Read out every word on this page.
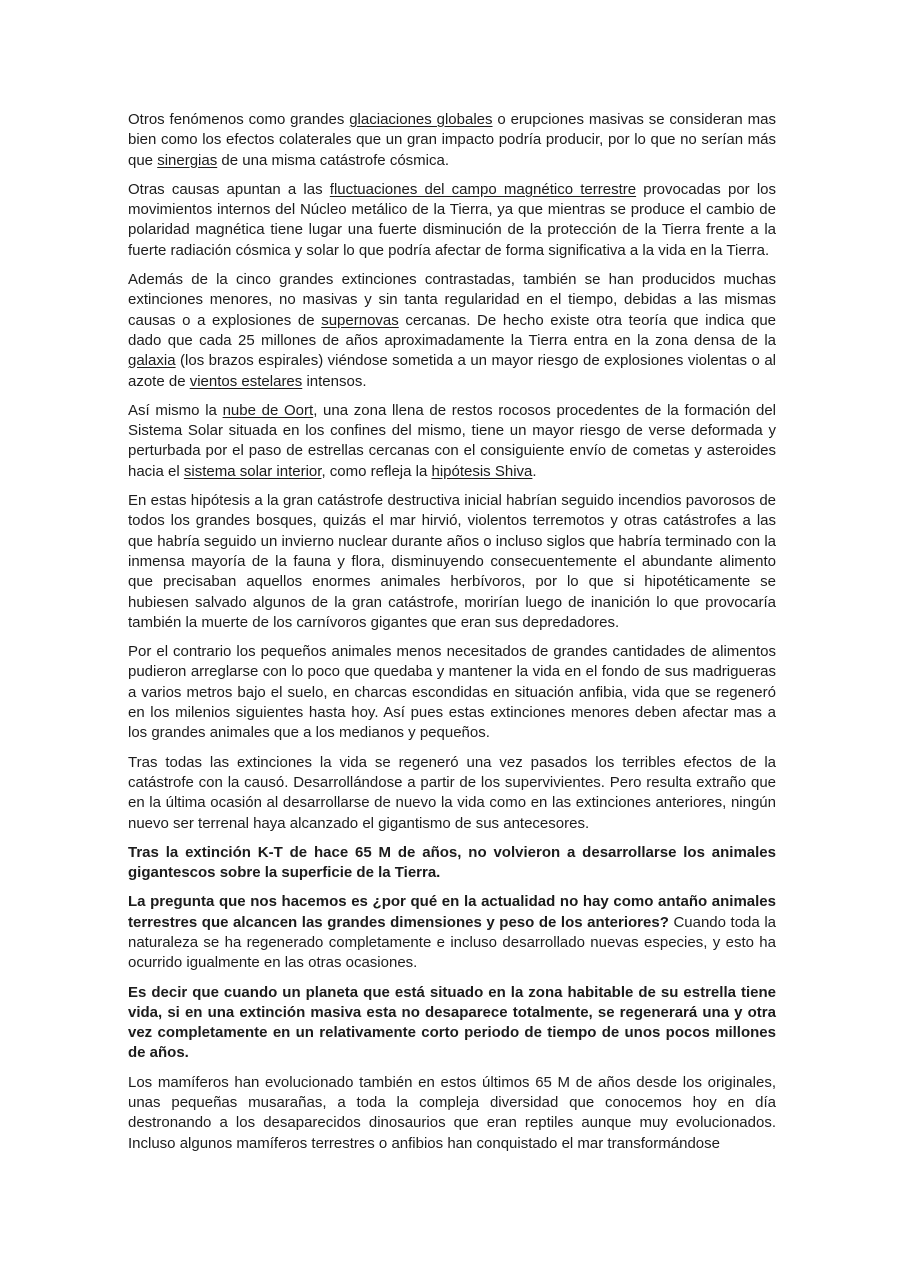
Otros fenómenos como grandes glaciaciones globales o erupciones masivas se consideran mas bien como los efectos colaterales que un gran impacto podría producir, por lo que no serían más que sinergias de una misma catástrofe cósmica.

Otras causas apuntan a las fluctuaciones del campo magnético terrestre provocadas por los movimientos internos del Núcleo metálico de la Tierra, ya que mientras se produce el cambio de polaridad magnética tiene lugar una fuerte disminución de la protección de la Tierra frente a la fuerte radiación cósmica y solar lo que podría afectar de forma significativa a la vida en la Tierra.

Además de la cinco grandes extinciones contrastadas, también se han producidos muchas extinciones menores, no masivas y sin tanta regularidad en el tiempo, debidas a las mismas causas o a explosiones de supernovas cercanas. De hecho existe otra teoría que indica que dado que cada 25 millones de años aproximadamente la Tierra entra en la zona densa de la galaxia (los brazos espirales) viéndose sometida a un mayor riesgo de explosiones violentas o al azote de vientos estelares intensos.

Así mismo la nube de Oort, una zona llena de restos rocosos procedentes de la formación del Sistema Solar situada en los confines del mismo, tiene un mayor riesgo de verse deformada y perturbada por el paso de estrellas cercanas con el consiguiente envío de cometas y asteroides hacia el sistema solar interior, como refleja la hipótesis Shiva.

En estas hipótesis a la gran catástrofe destructiva inicial habrían seguido incendios pavorosos de todos los grandes bosques, quizás el mar hirvió, violentos terremotos y otras catástrofes a las que habría seguido un invierno nuclear durante años o incluso siglos que habría terminado con la inmensa mayoría de la fauna y flora, disminuyendo consecuentemente el abundante alimento que precisaban aquellos enormes animales herbívoros, por lo que si hipotéticamente se hubiesen salvado algunos de la gran catástrofe, morirían luego de inanición lo que provocaría también la muerte de los carnívoros gigantes que eran sus depredadores.

Por el contrario los pequeños animales menos necesitados de grandes cantidades de alimentos pudieron arreglarse con lo poco que quedaba y mantener la vida en el fondo de sus madrigueras a varios metros bajo el suelo, en charcas escondidas en situación anfibia, vida que se regeneró en los milenios siguientes hasta hoy. Así pues estas extinciones menores deben afectar mas a los grandes animales que a los medianos y pequeños.

Tras todas las extinciones la vida se regeneró una vez pasados los terribles efectos de la catástrofe con la causó. Desarrollándose a partir de los supervivientes. Pero resulta extraño que en la última ocasión al desarrollarse de nuevo la vida como en las extinciones anteriores, ningún nuevo ser terrenal haya alcanzado el gigantismo de sus antecesores.

Tras la extinción K-T de hace 65 M de años, no volvieron a desarrollarse los animales gigantescos sobre la superficie de la Tierra.

La pregunta que nos hacemos es ¿por qué en la actualidad no hay como antaño animales terrestres que alcancen las grandes dimensiones y peso de los anteriores? Cuando toda la naturaleza se ha regenerado completamente e incluso desarrollado nuevas especies, y esto ha ocurrido igualmente en las otras ocasiones.

Es decir que cuando un planeta que está situado en la zona habitable de su estrella tiene vida, si en una extinción masiva esta no desaparece totalmente, se regenerará una y otra vez completamente en un relativamente corto periodo de tiempo de unos pocos millones de años.

Los mamíferos han evolucionado también en estos últimos 65 M de años desde los originales, unas pequeñas musarañas, a toda la compleja diversidad que conocemos hoy en día destronando a los desaparecidos dinosaurios que eran reptiles aunque muy evolucionados. Incluso algunos mamíferos terrestres o anfibios han conquistado el mar transformándose
